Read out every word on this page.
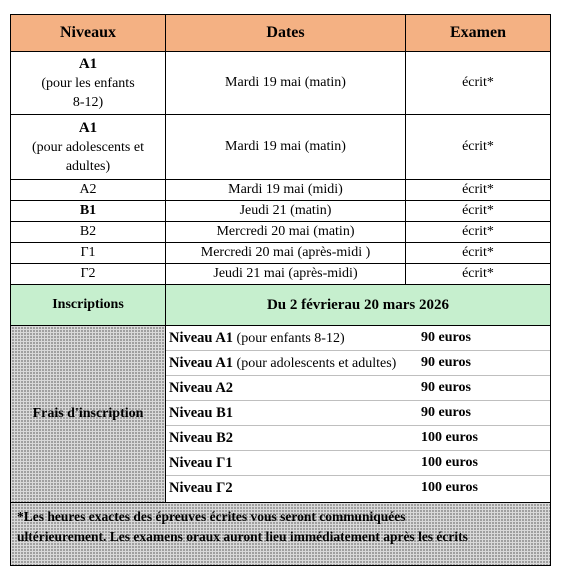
Niveaux	Dates	Examen
A1
(pour les enfants
8-12)	Mardi 19 mai (matin)	écrit*
A1
(pour adolescents et
adultes)	Mardi 19 mai (matin)	écrit*
A2	Mardi 19 mai (midi)	écrit*
B1	Jeudi 21 (matin)	écrit*
B2	Mercredi 20 mai (matin)	écrit*
Γ1	Mercredi 20 mai (après-midi )	écrit*
Γ2	Jeudi 21 mai (après-midi)	écrit*
Inscriptions	Du 2 févrierau 20 mars 2026
Frais d'inscription	
Niveau A1 (pour enfants 8-12)	90 euros
Niveau A1 (pour adolescents et adultes)	90 euros
Niveau A2	90 euros
Niveau B1	90 euros
Niveau B2	100 euros
Niveau Γ1	100 euros
Niveau Γ2	100 euros

*Les heures exactes des épreuves écrites vous seront communiquées
ultérieurement. Les examens oraux auront lieu immédiatement après les écrits
